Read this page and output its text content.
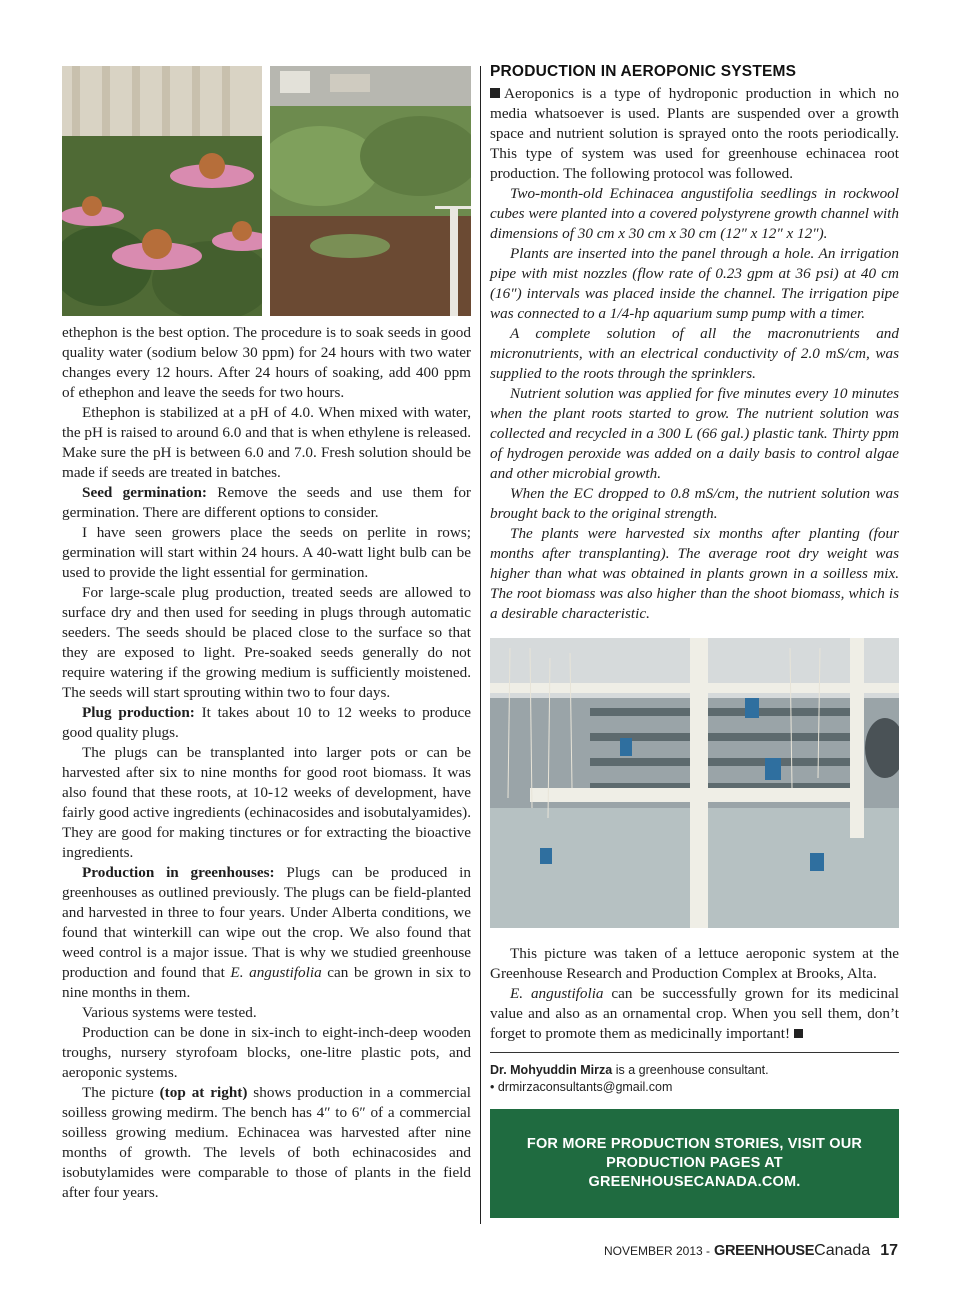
ethephon is the best option. The procedure is to soak seeds in good quality water (sodium below 30 ppm) for 24 hours with two water changes every 12 hours. After 24 hours of soaking, add 400 ppm of ethephon and leave the seeds for two hours.

Ethephon is stabilized at a pH of 4.0. When mixed with water, the pH is raised to around 6.0 and that is when ethylene is released. Make sure the pH is between 6.0 and 7.0. Fresh solution should be made if seeds are treated in batches.

Seed germination: Remove the seeds and use them for germination. There are different options to consider.

I have seen growers place the seeds on perlite in rows; germination will start within 24 hours. A 40-watt light bulb can be used to provide the light essential for germination.

For large-scale plug production, treated seeds are allowed to surface dry and then used for seeding in plugs through automatic seeders. The seeds should be placed close to the surface so that they are exposed to light. Pre-soaked seeds generally do not require watering if the growing medium is sufficiently moistened. The seeds will start sprouting within two to four days.

Plug production: It takes about 10 to 12 weeks to produce good quality plugs.

The plugs can be transplanted into larger pots or can be harvested after six to nine months for good root biomass. It was also found that these roots, at 10-12 weeks of development, have fairly good active ingredients (echinacosides and isobutalyamides). They are good for making tinctures or for extracting the bioactive ingredients.

Production in greenhouses: Plugs can be produced in greenhouses as outlined previously. The plugs can be field-planted and harvested in three to four years. Under Alberta conditions, we found that winterkill can wipe out the crop. We also found that weed control is a major issue. That is why we studied greenhouse production and found that E. angustifolia can be grown in six to nine months in them.

Various systems were tested.

Production can be done in six-inch to eight-inch-deep wooden troughs, nursery styrofoam blocks, one-litre plastic pots, and aeroponic systems.

The picture (top at right) shows production in a commercial soilless growing medirm. The bench has 4″ to 6″ of a commercial soilless growing medium. Echinacea was harvested after nine months of growth. The levels of both echinacosides and isobutylamides were comparable to those of plants in the field after four years.

PRODUCTION IN AEROPONIC SYSTEMS

Aeroponics is a type of hydroponic production in which no media whatsoever is used. Plants are suspended over a growth space and nutrient solution is sprayed onto the roots periodically. This type of system was used for greenhouse echinacea root production. The following protocol was followed.

Two-month-old Echinacea angustifolia seedlings in rockwool cubes were planted into a covered polystyrene growth channel with dimensions of 30 cm x 30 cm x 30 cm (12″ x 12″ x 12″).

Plants are inserted into the panel through a hole. An irrigation pipe with mist nozzles (flow rate of 0.23 gpm at 36 psi) at 40 cm (16″) intervals was placed inside the channel. The irrigation pipe was connected to a 1/4-hp aquarium sump pump with a timer.

A complete solution of all the macronutrients and micronutrients, with an electrical conductivity of 2.0 mS/cm, was supplied to the roots through the sprinklers.

Nutrient solution was applied for five minutes every 10 minutes when the plant roots started to grow. The nutrient solution was collected and recycled in a 300 L (66 gal.) plastic tank. Thirty ppm of hydrogen peroxide was added on a daily basis to control algae and other microbial growth.

When the EC dropped to 0.8 mS/cm, the nutrient solution was brought back to the original strength.

The plants were harvested six months after planting (four months after transplanting). The average root dry weight was higher than what was obtained in plants grown in a soilless mix. The root biomass was also higher than the shoot biomass, which is a desirable characteristic.

This picture was taken of a lettuce aeroponic system at the Greenhouse Research and Production Complex at Brooks, Alta.

E. angustifolia can be successfully grown for its medicinal value and also as an ornamental crop. When you sell them, don’t forget to promote them as medicinally important!

Dr. Mohyuddin Mirza is a greenhouse consultant.
• drmirzaconsultants@gmail.com
FOR MORE PRODUCTION STORIES, VISIT OUR PRODUCTION PAGES AT GREENHOUSECANADA.COM.
NOVEMBER 2013 - GREENHOUSE Canada 17
